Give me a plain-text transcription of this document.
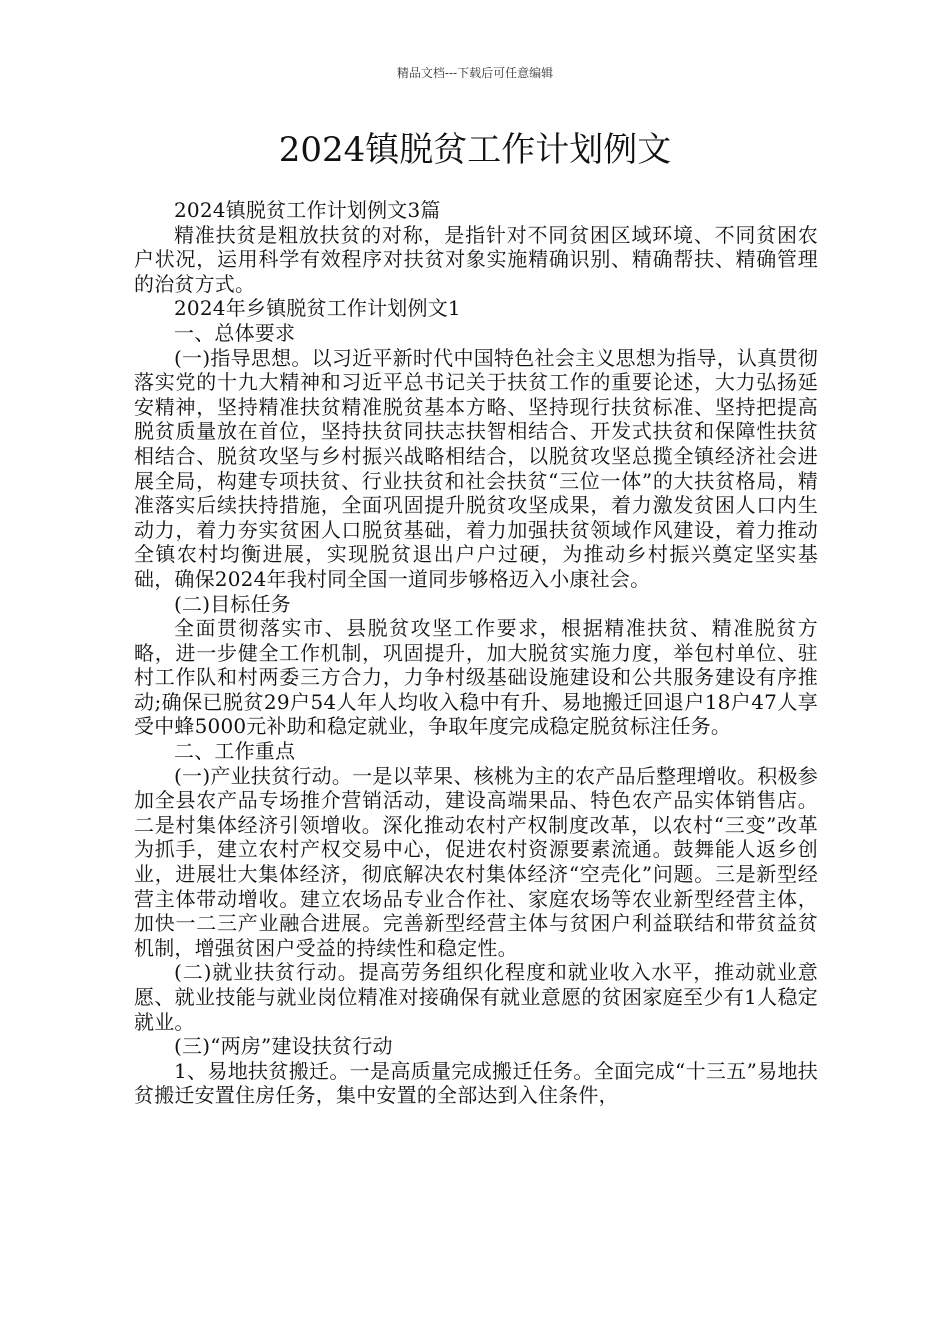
精品文档---下载后可任意编辑
2024镇脱贫工作计划例文

2024镇脱贫工作计划例文3篇

精准扶贫是粗放扶贫的对称，是指针对不同贫困区域环境、不同贫困农户状况，运用科学有效程序对扶贫对象实施精确识别、精确帮扶、精确管理的治贫方式。

2024年乡镇脱贫工作计划例文1

一、总体要求

(一)指导思想。以习近平新时代中国特色社会主义思想为指导，认真贯彻落实党的十九大精神和习近平总书记关于扶贫工作的重要论述，大力弘扬延安精神，坚持精准扶贫精准脱贫基本方略、坚持现行扶贫标准、坚持把提高脱贫质量放在首位，坚持扶贫同扶志扶智相结合、开发式扶贫和保障性扶贫相结合、脱贫攻坚与乡村振兴战略相结合，以脱贫攻坚总揽全镇经济社会进展全局，构建专项扶贫、行业扶贫和社会扶贫“三位一体”的大扶贫格局，精准落实后续扶持措施，全面巩固提升脱贫攻坚成果，着力激发贫困人口内生动力，着力夯实贫困人口脱贫基础，着力加强扶贫领域作风建设，着力推动全镇农村均衡进展，实现脱贫退出户户过硬，为推动乡村振兴奠定坚实基础，确保2024年我村同全国一道同步够格迈入小康社会。

(二)目标任务

全面贯彻落实市、县脱贫攻坚工作要求，根据精准扶贫、精准脱贫方略，进一步健全工作机制，巩固提升，加大脱贫实施力度，举包村单位、驻村工作队和村两委三方合力，力争村级基础设施建设和公共服务建设有序推动;确保已脱贫29户54人年人均收入稳中有升、易地搬迁回退户18户47人享受中蜂5000元补助和稳定就业，争取年度完成稳定脱贫标注任务。

二、工作重点

(一)产业扶贫行动。一是以苹果、核桃为主的农产品后整理增收。积极参加全县农产品专场推介营销活动，建设高端果品、特色农产品实体销售店。二是村集体经济引领增收。深化推动农村产权制度改革，以农村“三变”改革为抓手，建立农村产权交易中心，促进农村资源要素流通。鼓舞能人返乡创业，进展壮大集体经济，彻底解决农村集体经济“空壳化”问题。三是新型经营主体带动增收。建立农场品专业合作社、家庭农场等农业新型经营主体，加快一二三产业融合进展。完善新型经营主体与贫困户利益联结和带贫益贫机制，增强贫困户受益的持续性和稳定性。

(二)就业扶贫行动。提高劳务组织化程度和就业收入水平，推动就业意愿、就业技能与就业岗位精准对接确保有就业意愿的贫困家庭至少有1人稳定就业。

(三)“两房”建设扶贫行动

1、易地扶贫搬迁。一是高质量完成搬迁任务。全面完成“十三五”易地扶贫搬迁安置住房任务，集中安置的全部达到入住条件，
